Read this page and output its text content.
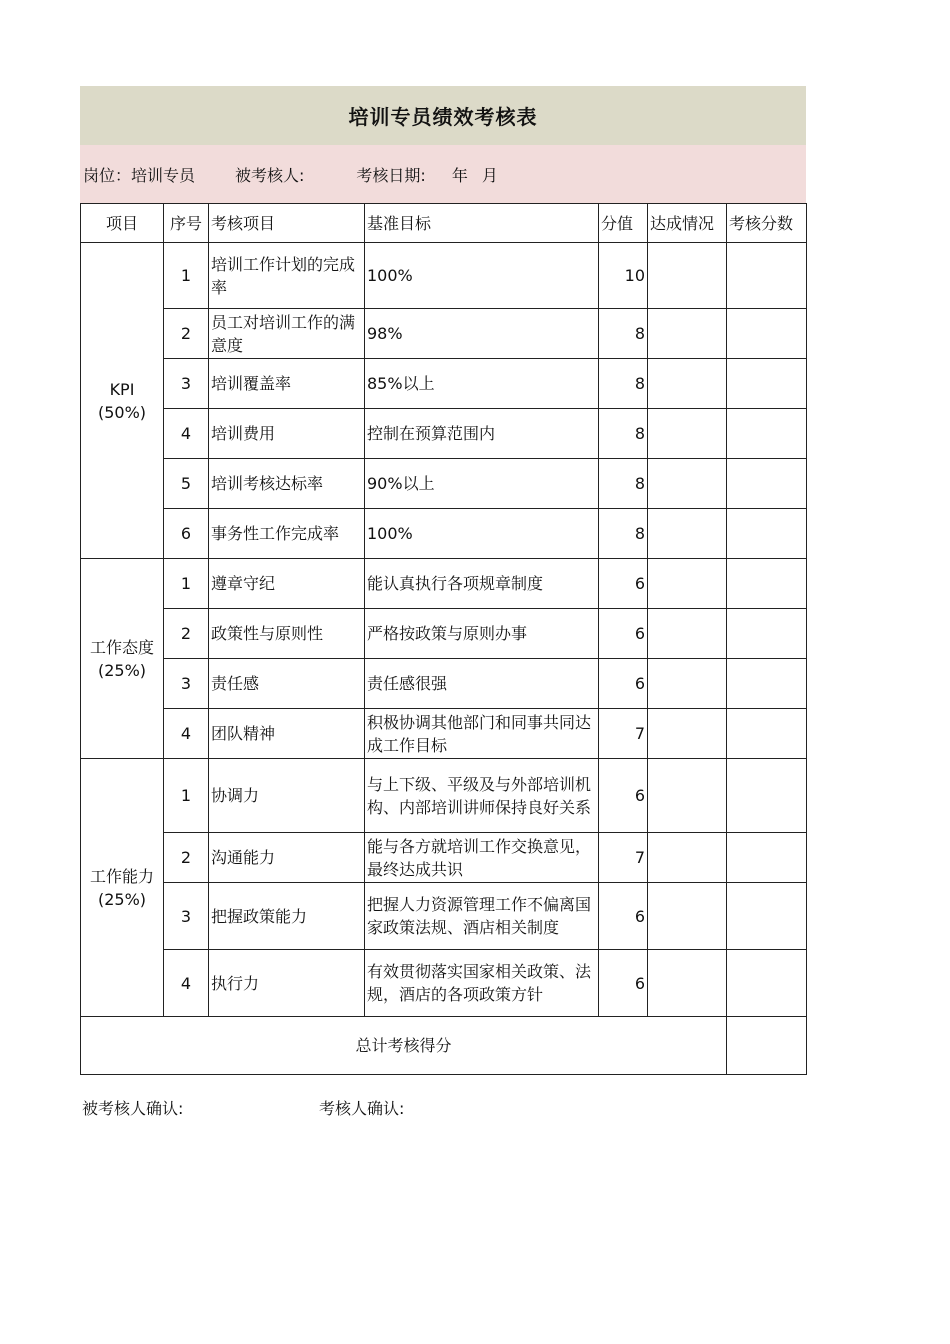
培训专员绩效考核表
岗位：培训专员	被考核人:	考核日期: 年 月
项目	序号	考核项目	基准目标	分值	达成情况	考核分数

KPI
(50%)	1	培训工作计划的完成率	100%	10		
	2	员工对培训工作的满意度	98%	8		
	3	培训覆盖率	85%以上	8		
	4	培训费用	控制在预算范围内	8		
	5	培训考核达标率	90%以上	8		
	6	事务性工作完成率	100%	8		

工作态度
(25%)	1	遵章守纪	能认真执行各项规章制度	6		
	2	政策性与原则性	严格按政策与原则办事	6		
	3	责任感	责任感很强	6		
	4	团队精神	积极协调其他部门和同事共同达成工作目标	7		

工作能力
(25%)	1	协调力	与上下级、平级及与外部培训机构、内部培训讲师保持良好关系	6		
	2	沟通能力	能与各方就培训工作交换意见，最终达成共识	7		
	3	把握政策能力	把握人力资源管理工作不偏离国家政策法规、酒店相关制度	6		
	4	执行力	有效贯彻落实国家相关政策、法规，酒店的各项政策方针	6		
总计考核得分						
被考核人确认:	考核人确认:
